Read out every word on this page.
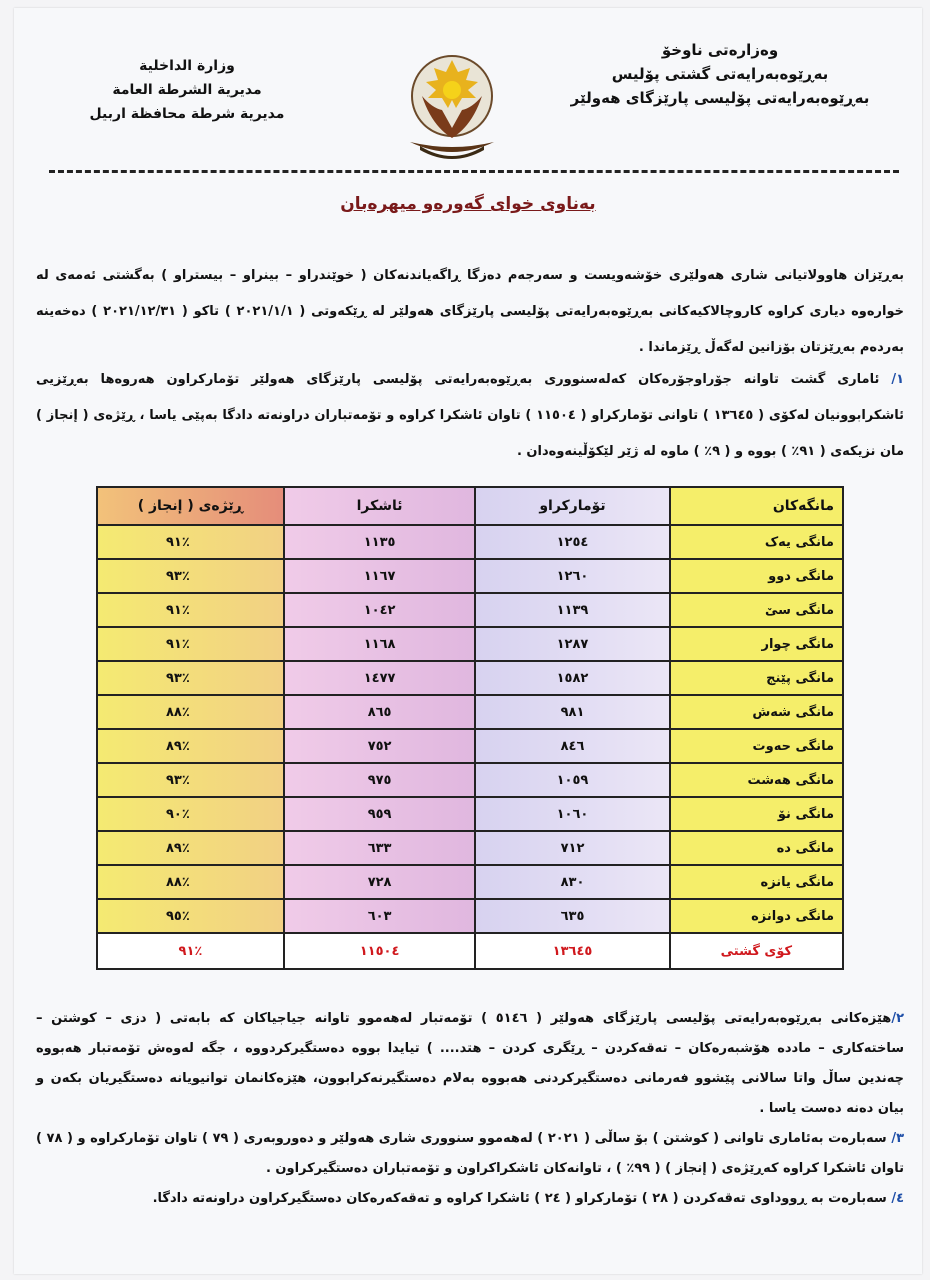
وەزارەتی ناوخۆ
بەڕێوەبەرایەتی گشتی پۆلیس
بەڕێوەبەرایەتی پۆلیسی پارێزگای هەولێر
وزارة الداخلية
مديرية الشرطة العامة
مديرية شرطة محافظة اربيل
بەناوی خوای گەورەو میهرەبان
بەڕێزان هاوولاتیانی شاری هەولێری خۆشەویست و سەرجەم دەزگا ڕاگەیاندنەکان ( خوێندراو – بینراو – بیستراو ) بەگشتی ئەمەی لە خوارەوە دیاری کراوە کاروچالاکیەکانی بەڕێوەبەرایەتی پۆلیسی پارێزگای هەولێر لە ڕێکەوتی ( ٢٠٢١/١/١ ) تاکو ( ٢٠٢١/١٢/٣١ ) دەخەینە بەردەم بەڕێزتان بۆزانین لەگەڵ ڕێزماندا .
١/ ئاماری گشت تاوانە جۆراوجۆرەکان کەلەسنووری بەڕێوەبەرایەتی پۆلیسی پارێزگای هەولێر تۆمارکراون هەروەها بەڕێزیی ئاشکرابوونیان لەکۆی ( ١٣٦٤٥ ) تاوانی تۆمارکراو ( ١١٥٠٤ ) تاوان ئاشکرا کراوە و تۆمەتباران دراونەتە دادگا بەپێی یاسا ، ڕێژەی ( إنجاز ) مان نزیکەی ( ٩١٪ ) بووە و ( ٩٪ ) ماوە لە ژێر لێکۆڵینەوەدان .
مانگەکان	تۆمارکراو	ئاشکرا	ڕێژەی ( إنجاز )
مانگی یەک	١٢٥٤	١١٣٥	٪٩١
مانگی دوو	١٢٦٠	١١٦٧	٪٩٣
مانگی سێ	١١٣٩	١٠٤٢	٪٩١
مانگی چوار	١٢٨٧	١١٦٨	٪٩١
مانگی پێنج	١٥٨٢	١٤٧٧	٪٩٣
مانگی شەش	٩٨١	٨٦٥	٪٨٨
مانگی حەوت	٨٤٦	٧٥٢	٪٨٩
مانگی هەشت	١٠٥٩	٩٧٥	٪٩٣
مانگی نۆ	١٠٦٠	٩٥٩	٪٩٠
مانگی دە	٧١٢	٦٣٣	٪٨٩
مانگی یانزە	٨٣٠	٧٢٨	٪٨٨
مانگی دوانزە	٦٣٥	٦٠٣	٪٩٥
کۆی گشتی	١٣٦٤٥	١١٥٠٤	٪٩١
٢/هێزەکانی بەڕێوەبەرایەتی پۆلیسی پارێزگای هەولێر ( ٥١٤٦ ) تۆمەتبار لەهەموو تاوانە جیاجیاکان کە بابەتی ( دزی – کوشتن – ساختەکاری – ماددە هۆشبەرەکان – تەقەکردن – ڕێگری کردن – هتد.... ) تیایدا بووە دەستگیرکردووە ، جگە لەوەش تۆمەتبار هەبووە چەندین ساڵ واتا سالانی پێشوو فەرمانی دەستگیرکردنی هەبووە بەلام دەستگیرنەکرابوون، هێزەکانمان توانیویانە دەستگیریان بکەن و بیان دەنە دەست یاسا .
٣/ سەبارەت بەئاماری تاوانی ( کوشتن ) بۆ ساڵی ( ٢٠٢١ ) لەهەموو سنووری شاری هەولێر و دەوروبەری ( ٧٩ ) تاوان تۆمارکراوە و ( ٧٨ ) تاوان ئاشکرا کراوە کەڕێژەی ( إنجاز ) ( ٩٩٪ ) ، تاوانەکان ئاشکراکراون و تۆمەتباران دەستگیرکراون .
٤/ سەبارەت بە ڕووداوی تەقەکردن ( ٢٨ ) تۆمارکراو ( ٢٤ ) ئاشکرا کراوە و تەقەکەرەکان دەستگیرکراون دراونەتە دادگا.
